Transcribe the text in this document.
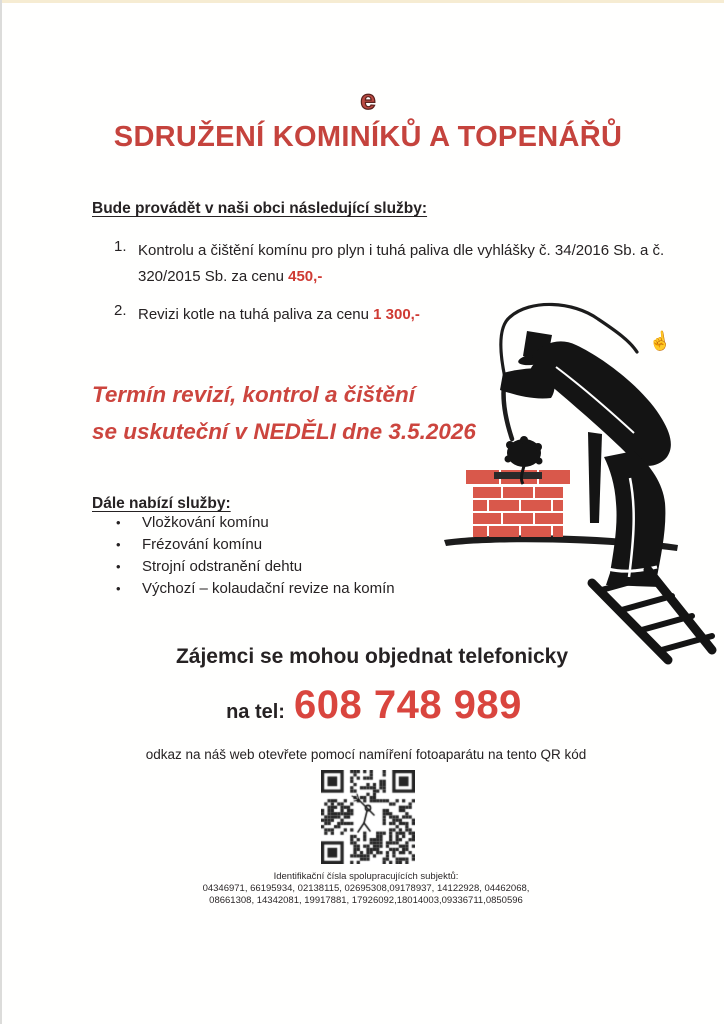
e
SDRUŽENÍ KOMINÍKŮ A TOPENÁŘŮ
Bude provádět v naši obci následující služby:
1. Kontrolu a čištění komínu pro plyn i tuhá paliva dle vyhlášky č. 34/2016 Sb. a č.
320/2015 Sb. za cenu 450,-
2. Revizi kotle na tuhá paliva za cenu 1 300,-
Termín revizí, kontrol a čištění
se uskuteční v NEDĚLI dne 3.5.2026
Dále nabízí služby:
•	Vložkování komínu
•	Frézování komínu
•	Strojní odstranění dehtu
•	Výchozí – kolaudační revize na komín
Zájemci se mohou objednat telefonicky
na tel: 608 748 989
odkaz na náš web otevřete pomocí namíření fotoaparátu na tento QR kód
Identifikační čísla spolupracujících subjektů:
04346971, 66195934, 02138115, 02695308,09178937, 14122928, 04462068,
08661308, 14342081, 19917881, 17926092,18014003,09336711,0850596
☝
